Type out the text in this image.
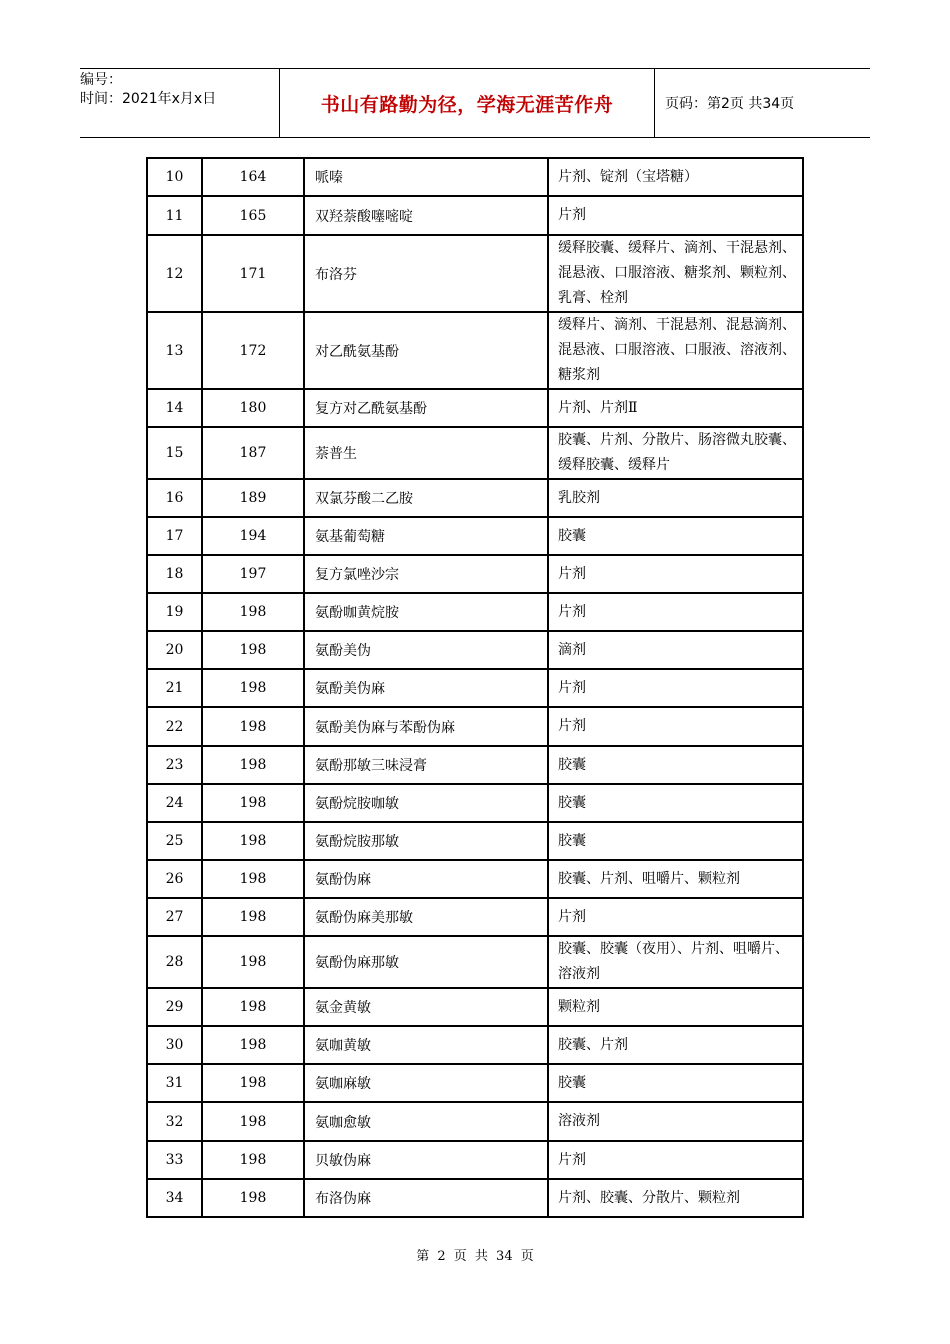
编号：
时间：2021年x月x日	书山有路勤为径，学海无涯苦作舟	页码：第2页 共34页
10	164	哌嗪	片剂、锭剂（宝塔糖）
11	165	双羟萘酸噻嘧啶	片剂
12	171	布洛芬	缓释胶囊、缓释片、滴剂、干混悬剂、混悬液、口服溶液、糖浆剂、颗粒剂、乳膏、栓剂
13	172	对乙酰氨基酚	缓释片、滴剂、干混悬剂、混悬滴剂、混悬液、口服溶液、口服液、溶液剂、糖浆剂
14	180	复方对乙酰氨基酚	片剂、片剂Ⅱ
15	187	萘普生	胶囊、片剂、分散片、肠溶微丸胶囊、缓释胶囊、缓释片
16	189	双氯芬酸二乙胺	乳胶剂
17	194	氨基葡萄糖	胶囊
18	197	复方氯唑沙宗	片剂
19	198	氨酚咖黄烷胺	片剂
20	198	氨酚美伪	滴剂
21	198	氨酚美伪麻	片剂
22	198	氨酚美伪麻与苯酚伪麻	片剂
23	198	氨酚那敏三味浸膏	胶囊
24	198	氨酚烷胺咖敏	胶囊
25	198	氨酚烷胺那敏	胶囊
26	198	氨酚伪麻	胶囊、片剂、咀嚼片、颗粒剂
27	198	氨酚伪麻美那敏	片剂
28	198	氨酚伪麻那敏	胶囊、胶囊（夜用）、片剂、咀嚼片、溶液剂
29	198	氨金黄敏	颗粒剂
30	198	氨咖黄敏	胶囊、片剂
31	198	氨咖麻敏	胶囊
32	198	氨咖愈敏	溶液剂
33	198	贝敏伪麻	片剂
34	198	布洛伪麻	片剂、胶囊、分散片、颗粒剂
第 2 页 共 34 页
